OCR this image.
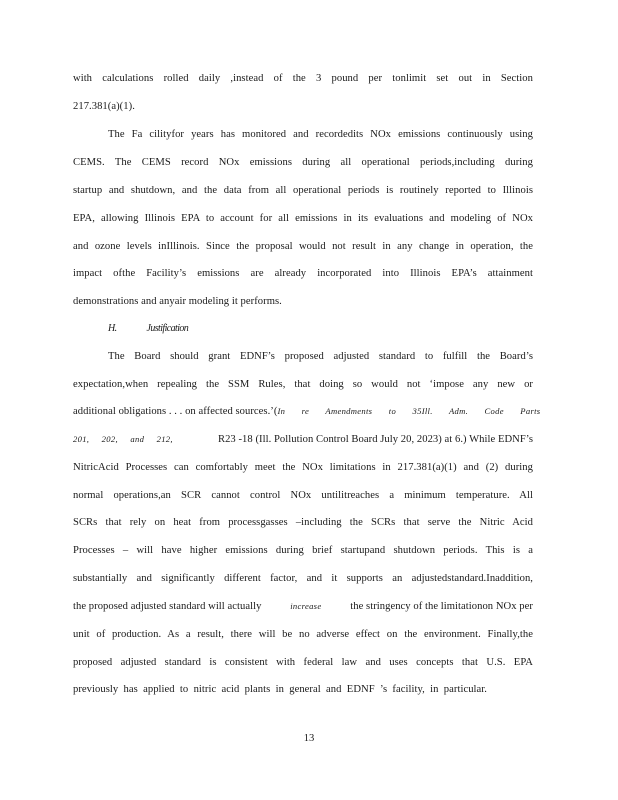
with calculations rolled daily ,instead of the 3 pound per tonlimit set out in Section
217.381(a)(1).
The Fa cilityfor years has monitored and recordedits NOx emissions continuously using
CEMS. The CEMS record NOx emissions during all operational periods,including during
startup and shutdown, and the data from all operational periods is routinely reported to Illinois
EPA, allowing Illinois EPA to account for all emissions in its evaluations and modeling of NOx
and ozone levels inIllinois. Since the proposal would not result in any change in operation, the
impact ofthe Facility’s emissions are already incorporated into Illinois EPA’s attainment
demonstrations and anyair modeling it performs.
H.	Justification
The Board should grant EDNF’s proposed adjusted standard to fulfill the Board’s
expectation,when repealing the SSM Rules, that doing so would not ‘impose any new or
additional obligations . . . on affected sources.’ ( In re Amendments to 35Ill. Adm. Code Parts
201, 202, and 212,	R23 -18 (Ill. Pollution Control Board July 20, 2023) at 6.) While EDNF’s
NitricAcid Processes can comfortably meet the NOx limitations in 217.381(a)(1) and (2) during
normal operations,an SCR cannot control NOx untilitreaches a minimum temperature. All
SCRs that rely on heat from processgasses –including the SCRs that serve the Nitric Acid
Processes – will have higher emissions during brief startupand shutdown periods. This is a
substantially and significantly different factor, and it supports an adjustedstandard.Inaddition,
the proposed adjusted standard will actually	increase	the stringency of the limitationon NOx per
unit of production. As a result, there will be no adverse effect on the environment. Finally,the
proposed adjusted standard is consistent with federal law and uses concepts that U.S. EPA
previously has applied to nitric acid plants in general and EDNF ’s facility, in particular.
13
